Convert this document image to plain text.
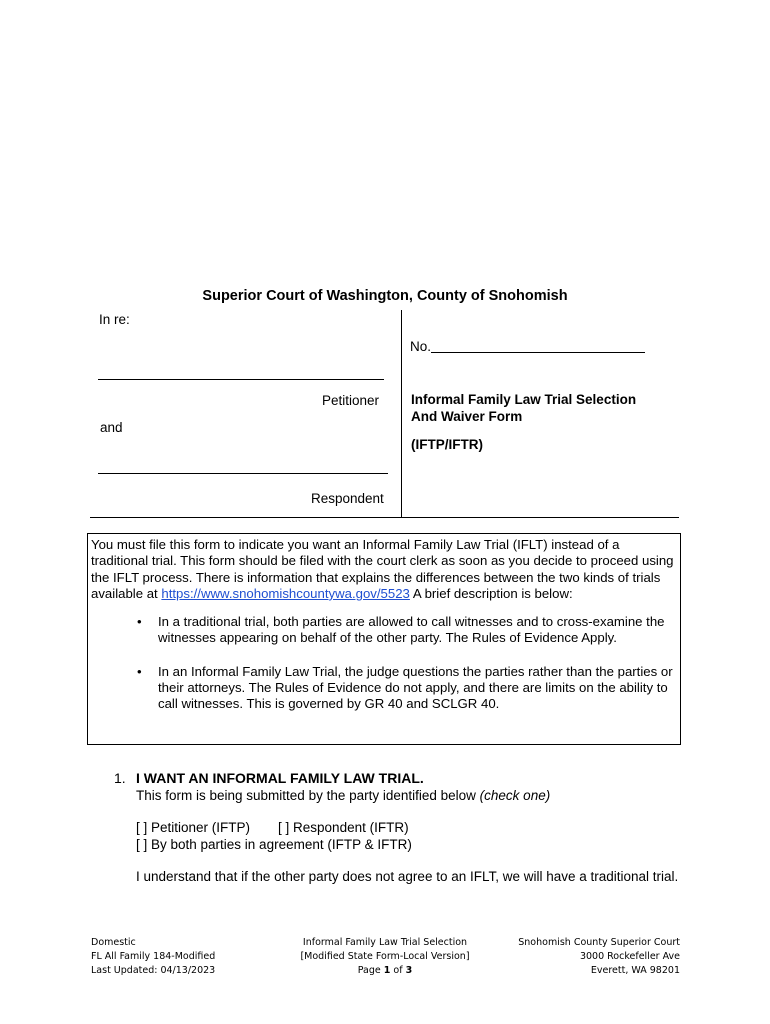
Superior Court of Washington, County of Snohomish
In re:
No.
Petitioner
and
Informal Family Law Trial Selection
And Waiver Form
(IFTP/IFTR)
Respondent
You must file this form to indicate you want an Informal Family Law Trial (IFLT) instead of a traditional trial. This form should be filed with the court clerk as soon as you decide to proceed using the IFLT process. There is information that explains the differences between the two kinds of trials available at https://www.snohomishcountywa.gov/5523 A brief description is below:
• In a traditional trial, both parties are allowed to call witnesses and to cross-examine the witnesses appearing on behalf of the other party. The Rules of Evidence Apply.
• In an Informal Family Law Trial, the judge questions the parties rather than the parties or their attorneys. The Rules of Evidence do not apply, and there are limits on the ability to call witnesses. This is governed by GR 40 and SCLGR 40.
1. I WANT AN INFORMAL FAMILY LAW TRIAL.
This form is being submitted by the party identified below (check one)
[ ] Petitioner (IFTP) [ ] Respondent (IFTR)
[ ] By both parties in agreement (IFTP & IFTR)
I understand that if the other party does not agree to an IFLT, we will have a traditional trial.
Domestic
FL All Family 184-Modified
Last Updated: 04/13/2023
Informal Family Law Trial Selection
[Modified State Form-Local Version]
Page 1 of 3
Snohomish County Superior Court
3000 Rockefeller Ave
Everett, WA 98201
